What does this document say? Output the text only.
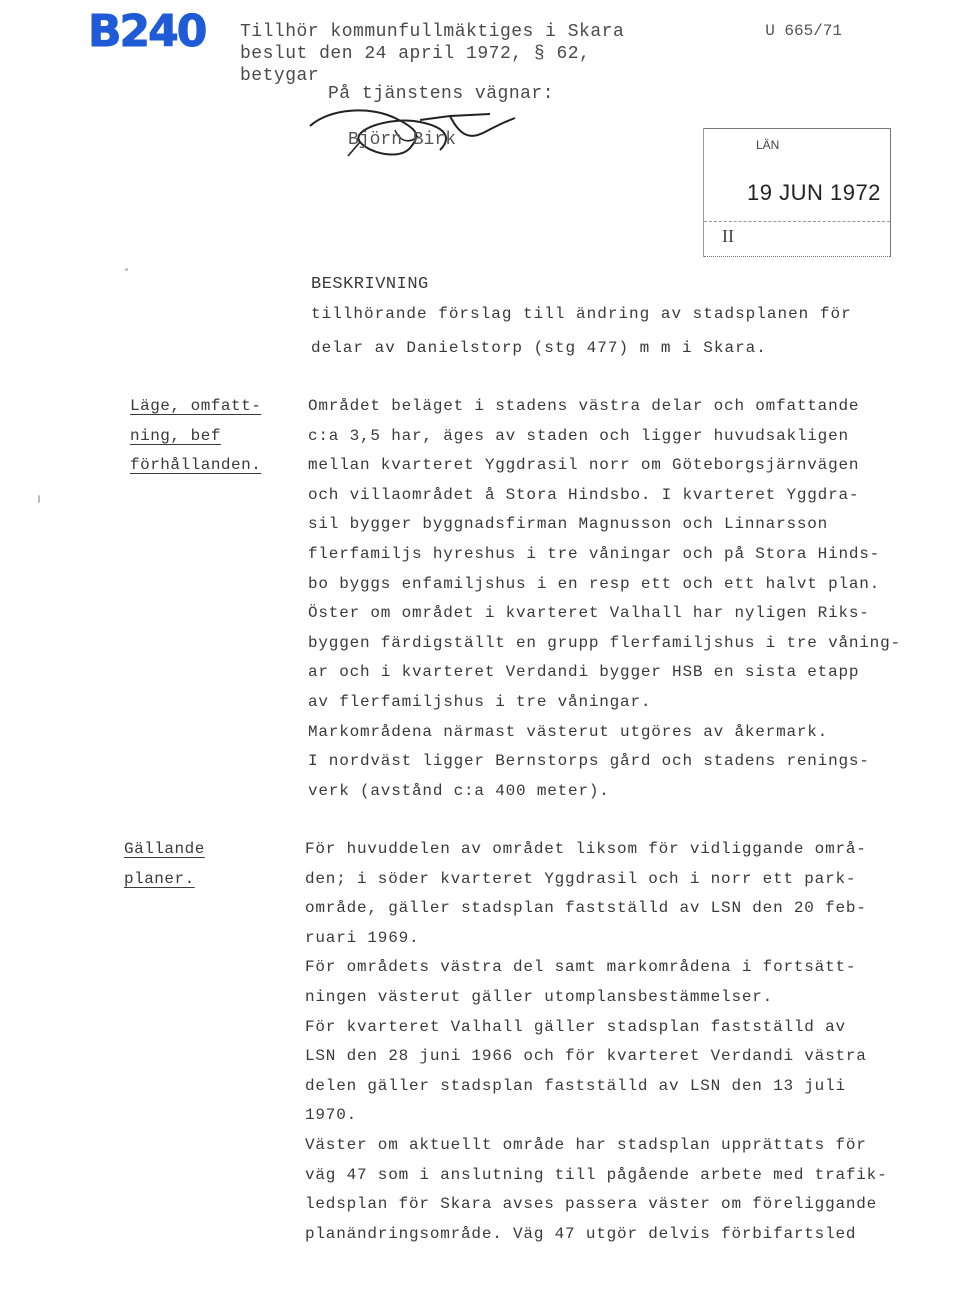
B240 Tillhör kommunfullmäktiges i Skara
beslut den 24 april 1972, § 62,
betygar
U 665/71
På tjänstens vägnar:
Björn Birk	LÄN
19 JUN 1972
II
BESKRIVNING
tillhörande förslag till ändring av stadsplanen för
delar av Danielstorp (stg 477) m m i Skara.
Läge, omfatt-
ning, bef
förhållanden.
Området beläget i stadens västra delar och omfattande
c:a 3,5 har, äges av staden och ligger huvudsakligen
mellan kvarteret Yggdrasil norr om Göteborgsjärnvägen
och villaområdet å Stora Hindsbo. I kvarteret Yggdra-
sil bygger byggnadsfirman Magnusson och Linnarsson
flerfamiljs hyreshus i tre våningar och på Stora Hinds-
bo byggs enfamiljshus i en resp ett och ett halvt plan.
Öster om området i kvarteret Valhall har nyligen Riks-
byggen färdigställt en grupp flerfamiljshus i tre våning-
ar och i kvarteret Verdandi bygger HSB en sista etapp
av flerfamiljshus i tre våningar.
Markområdena närmast västerut utgöres av åkermark.
I nordväst ligger Bernstorps gård och stadens renings-
verk (avstånd c:a 400 meter).
Gällande
planer.
För huvuddelen av området liksom för vidliggande områ-
den; i söder kvarteret Yggdrasil och i norr ett park-
område, gäller stadsplan fastställd av LSN den 20 feb-
ruari 1969.
För områdets västra del samt markområdena i fortsätt-
ningen västerut gäller utomplansbestämmelser.
För kvarteret Valhall gäller stadsplan fastställd av
LSN den 28 juni 1966 och för kvarteret Verdandi västra
delen gäller stadsplan fastställd av LSN den 13 juli
1970.
Väster om aktuellt område har stadsplan upprättats för
väg 47 som i anslutning till pågående arbete med trafik-
ledsplan för Skara avses passera väster om föreliggande
planändringsområde. Väg 47 utgör delvis förbifartsled
